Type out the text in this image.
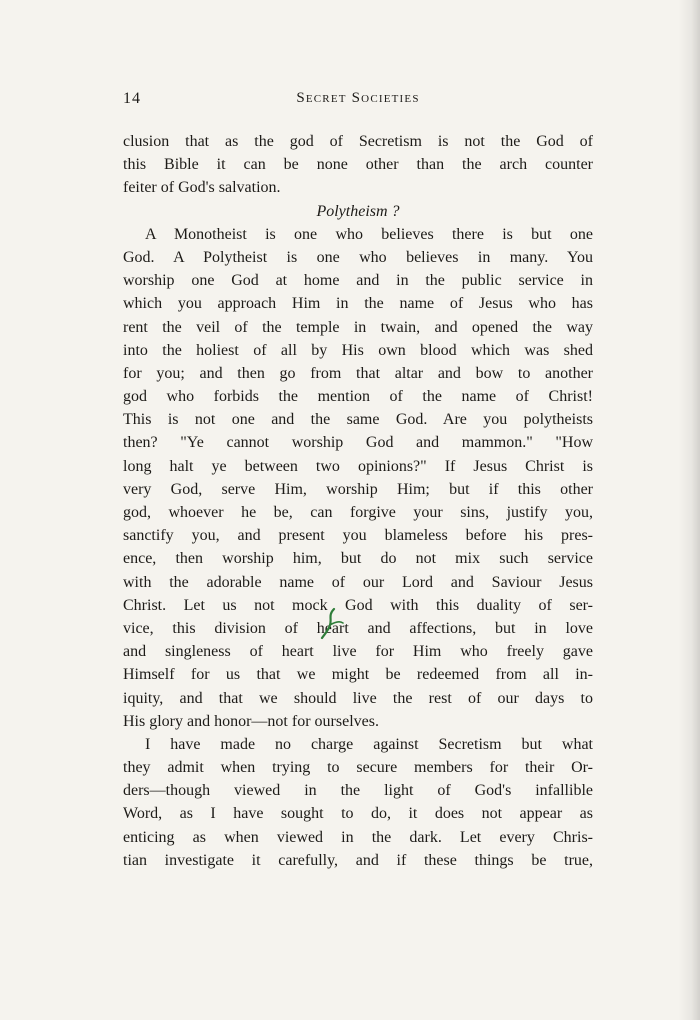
14	Secret Societies
clusion that as the god of Secretism is not the God of
this Bible it can be none other than the arch counter
feiter of God's salvation.
Polytheism ?
A Monotheist is one who believes there is but one
God. A Polytheist is one who believes in many. You
worship one God at home and in the public service in
which you approach Him in the name of Jesus who has
rent the veil of the temple in twain, and opened the way
into the holiest of all by His own blood which was shed
for you; and then go from that altar and bow to another
god who forbids the mention of the name of Christ!
This is not one and the same God. Are you polytheists
then? "Ye cannot worship God and mammon." "How
long halt ye between two opinions?" If Jesus Christ is
very God, serve Him, worship Him; but if this other
god, whoever he be, can forgive your sins, justify you,
sanctify you, and present you blameless before his pres-
ence, then worship him, but do not mix such service
with the adorable name of our Lord and Saviour Jesus
Christ. Let us not mock God with this duality of ser-
vice, this division of heart and affections, but in love
and singleness of heart live for Him who freely gave
Himself for us that we might be redeemed from all in-
iquity, and that we should live the rest of our days to
His glory and honor—not for ourselves.
I have made no charge against Secretism but what
they admit when trying to secure members for their Or-
ders—though viewed in the light of God's infallible
Word, as I have sought to do, it does not appear as
enticing as when viewed in the dark. Let every Chris-
tian investigate it carefully, and if these things be true,
